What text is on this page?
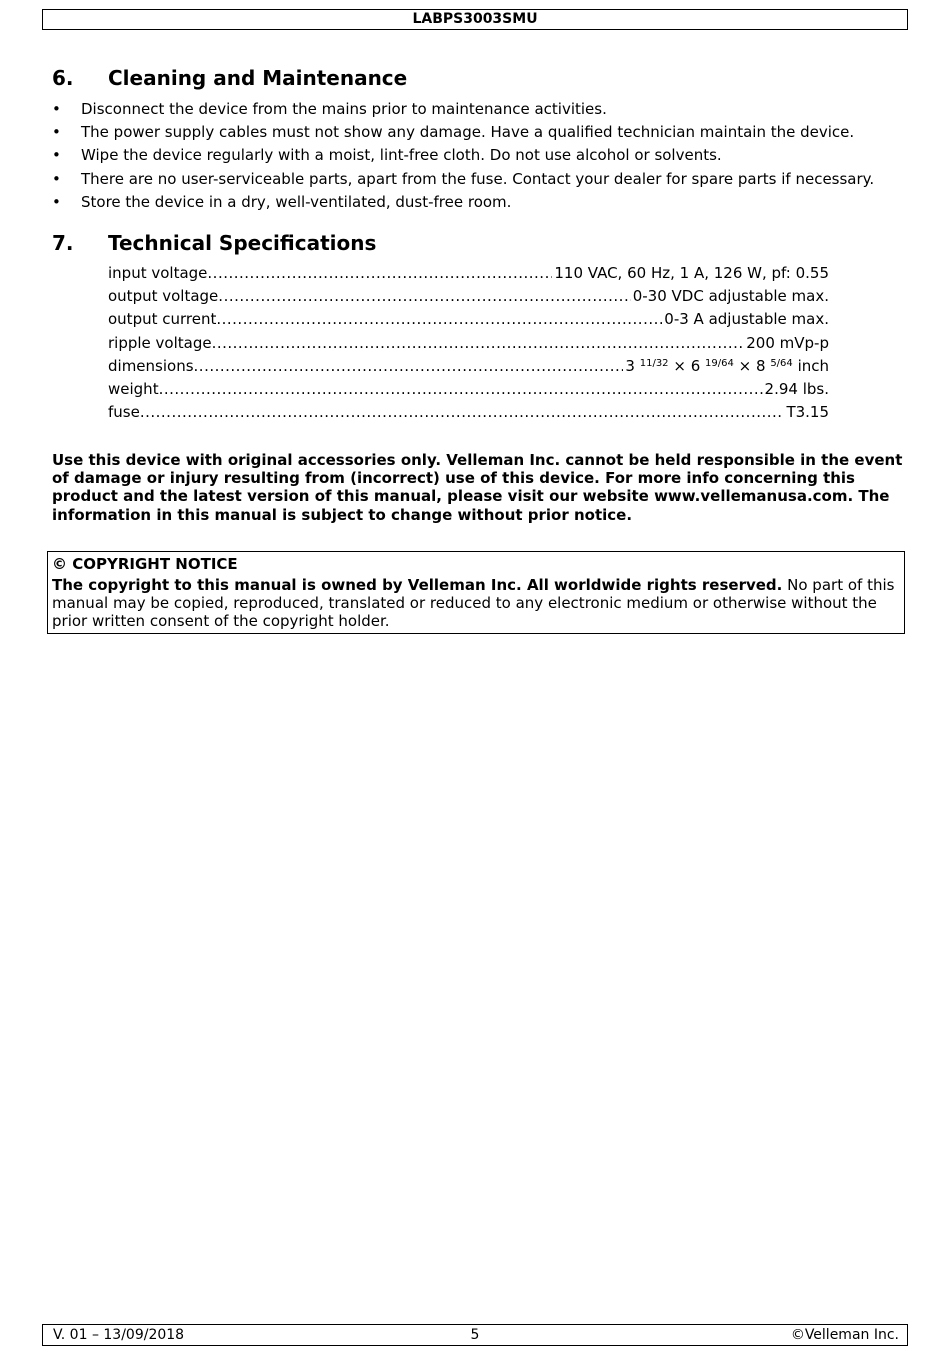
LABPS3003SMU
6. Cleaning and Maintenance
• Disconnect the device from the mains prior to maintenance activities.
• The power supply cables must not show any damage. Have a qualified technician maintain the device.
• Wipe the device regularly with a moist, lint-free cloth. Do not use alcohol or solvents.
• There are no user-serviceable parts, apart from the fuse. Contact your dealer for spare parts if necessary.
• Store the device in a dry, well-ventilated, dust-free room.
7. Technical Specifications
input voltage .....	110 VAC, 60 Hz, 1 A, 126 W, pf: 0.55
output voltage .....	0-30 VDC adjustable max.
output current .....	0-3 A adjustable max.
ripple voltage .....	200 mVp-p
dimensions .....	3 $^{11/32}$ × 6 $^{19/64}$ × 8 $^{5/64}$ inch
weight .....	2.94 lbs.
fuse .....	T3.15

Use this device with original accessories only. Velleman Inc. cannot be held responsible in the event of damage or injury resulting from (incorrect) use of this device. For more info concerning this product and the latest version of this manual, please visit our website www.vellemanusa.com. The information in this manual is subject to change without prior notice.

© COPYRIGHT NOTICE
The copyright to this manual is owned by Velleman Inc. All worldwide rights reserved. No part of this manual may be copied, reproduced, translated or reduced to any electronic medium or otherwise without the prior written consent of the copyright holder.
V. 01 – 13/09/2018	5	©Velleman Inc.
